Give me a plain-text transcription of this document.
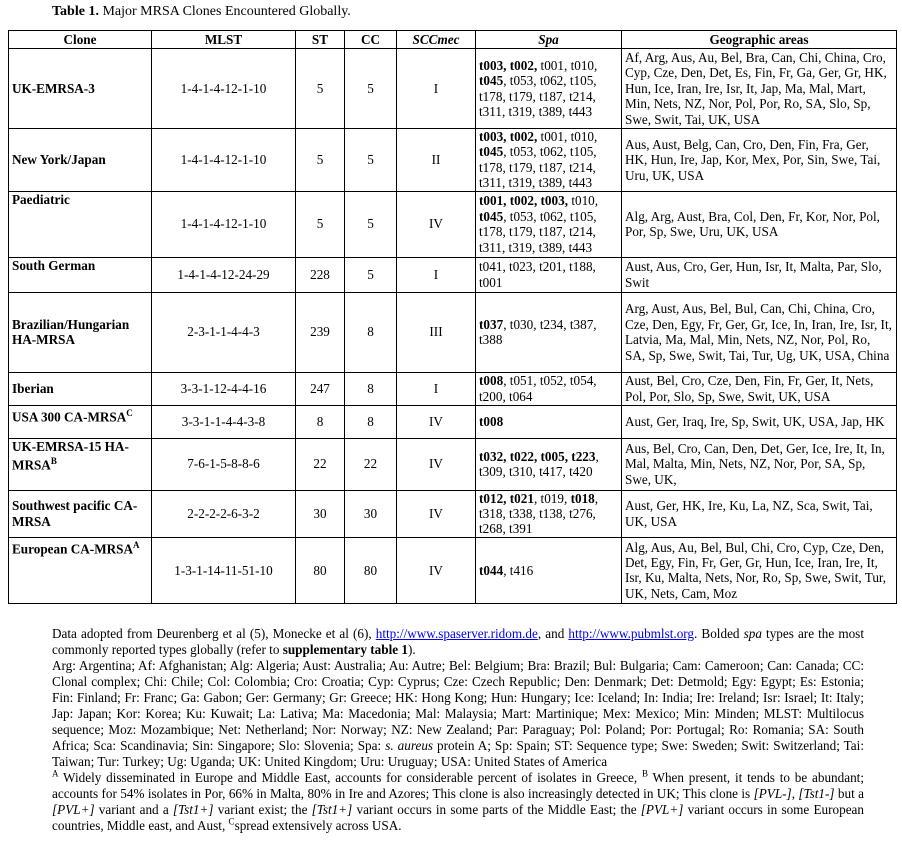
Table 1. Major MRSA Clones Encountered Globally.
Clone	MLST	ST	CC	SCCmec	Spa	Geographic areas
UK-EMRSA-3	1-4-1-4-12-1-10	5	5	I	t003, t002, t001, t010, t045, t053, t062, t105, t178, t179, t187, t214, t311, t319, t389, t443	Af, Arg, Aus, Au, Bel, Bra, Can, Chi, China, Cro, Cyp, Cze, Den, Det, Es, Fin, Fr, Ga, Ger, Gr, HK, Hun, Ice, Iran, Ire, Isr, It, Jap, Ma, Mal, Mart, Min, Nets, NZ, Nor, Pol, Por, Ro, SA, Slo, Sp, Swe, Swit, Tai, UK, USA
New York/Japan	1-4-1-4-12-1-10	5	5	II	t003, t002, t001, t010, t045, t053, t062, t105, t178, t179, t187, t214, t311, t319, t389, t443	Aus, Aust, Belg, Can, Cro, Den, Fin, Fra, Ger, HK, Hun, Ire, Jap, Kor, Mex, Por, Sin, Swe, Tai, Uru, UK, USA
Paediatric	1-4-1-4-12-1-10	5	5	IV	t001, t002, t003, t010, t045, t053, t062, t105, t178, t179, t187, t214, t311, t319, t389, t443	Alg, Arg, Aust, Bra, Col, Den, Fr, Kor, Nor, Pol, Por, Sp, Swe, Uru, UK, USA
South German	1-4-1-4-12-24-29	228	5	I	t041, t023, t201, t188, t001	Aust, Aus, Cro, Ger, Hun, Isr, It, Malta, Par, Slo, Swit
Brazilian/Hungarian HA-MRSA	2-3-1-1-4-4-3	239	8	III	t037, t030, t234, t387, t388	Arg, Aust, Aus, Bel, Bul, Can, Chi, China, Cro, Cze, Den, Egy, Fr, Ger, Gr, Ice, In, Iran, Ire, Isr, It, Latvia, Ma, Mal, Min, Nets, NZ, Nor, Pol, Ro, SA, Sp, Swe, Swit, Tai, Tur, Ug, UK, USA, China
Iberian	3-3-1-12-4-4-16	247	8	I	t008, t051, t052, t054, t200, t064	Aust, Bel, Cro, Cze, Den, Fin, Fr, Ger, It, Nets, Pol, Por, Slo, Sp, Swe, Swit, UK, USA
USA 300 $CA-MRSA^C$	3-3-1-1-4-4-3-8	8	8	IV	t008	Aust, Ger, Iraq, Ire, Sp, Swit, UK, USA, Jap, HK
UK-EMRSA-15 $HA-MRSA^B$	7-6-1-5-8-8-6	22	22	IV	t032, t022, t005, t223, t309, t310, t417, t420	Aus, Bel, Cro, Can, Den, Det, Ger, Ice, Ire, It, In, Mal, Malta, Min, Nets, NZ, Nor, Por, SA, Sp, Swe, UK,
Southwest pacific CA-MRSA	2-2-2-2-6-3-2	30	30	IV	t012, t021, t019, t018, t318, t338, t138, t276, t268, t391	Aust, Ger, HK, Ire, Ku, La, NZ, Sca, Swit, Tai, UK, USA
European $CA-MRSA^A$	1-3-1-14-11-51-10	80	80	IV	t044, t416	Alg, Aus, Au, Bel, Bul, Chi, Cro, Cyp, Cze, Den, Det, Egy, Fin, Fr, Ger, Gr, Hun, Ice, Iran, Ire, It, Isr, Ku, Malta, Nets, Nor, Ro, Sp, Swe, Swit, Tur, UK, Nets, Cam, Moz

Data adopted from Deurenberg et al (5), Monecke et al (6), http://www.spaserver.ridom.de, and http://www.pubmlst.org. Bolded spa types are the most commonly reported types globally (refer to supplementary table 1).

Arg: Argentina; Af: Afghanistan; Alg: Algeria; Aust: Australia; Au: Autre; Bel: Belgium; Bra: Brazil; Bul: Bulgaria; Cam: Cameroon; Can: Canada; CC: Clonal complex; Chi: Chile; Col: Colombia; Cro: Croatia; Cyp: Cyprus; Cze: Czech Republic; Den: Denmark; Det: Detmold; Egy: Egypt; Es: Estonia; Fin: Finland; Fr: Franc; Ga: Gabon; Ger: Germany; Gr: Greece; HK: Hong Kong; Hun: Hungary; Ice: Iceland; In: India; Ire: Ireland; Isr: Israel; It: Italy; Jap: Japan; Kor: Korea; Ku: Kuwait; La: Lativa; Ma: Macedonia; Mal: Malaysia; Mart: Martinique; Mex: Mexico; Min: Minden; MLST: Multilocus sequence; Moz: Mozambique; Net: Netherland; Nor: Norway; NZ: New Zealand; Par: Paraguay; Pol: Poland; Por: Portugal; Ro: Romania; SA: South Africa; Sca: Scandinavia; Sin: Singapore; Slo: Slovenia; Spa: s. aureus protein A; Sp: Spain; ST: Sequence type; Swe: Sweden; Swit: Switzerland; Tai: Taiwan; Tur: Turkey; Ug: Uganda; UK: United Kingdom; Uru: Uruguay; USA: United States of America

$^A$ Widely disseminated in Europe and Middle East, accounts for considerable percent of isolates in Greece, $^B$ When present, it tends to be abundant; accounts for 54% isolates in Por, 66% in Malta, 80% in Ire and Azores; This clone is also increasingly detected in UK; This clone is [PVL-], [Tst1-] but a [PVL+] variant and a [Tst1+] variant exist; the [Tst1+] variant occurs in some parts of the Middle East; the [PVL+] variant occurs in some European countries, Middle east, and Aust, $^C$spread extensively across USA.
